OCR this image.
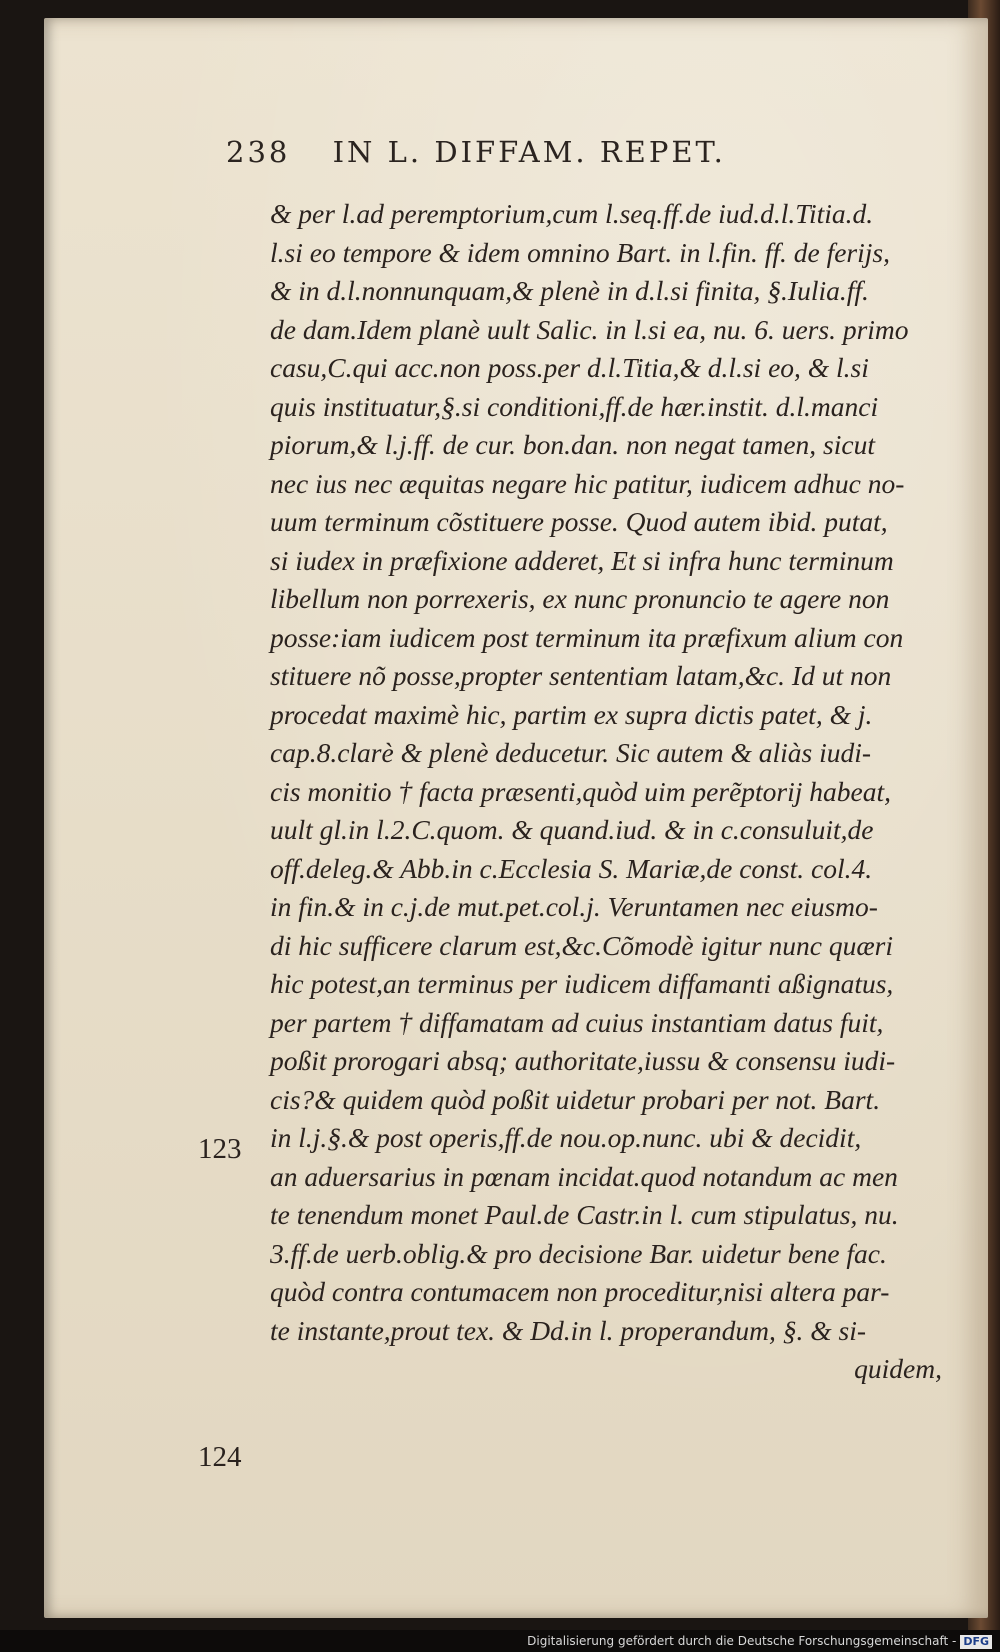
238 IN L. DIFFAM. REPET.
123
124
& per l.ad peremptorium,cum l.seq.ff.de iud.d.l.Titia.d.
l.si eo tempore & idem omnino Bart. in l.fin. ff. de ferijs,
& in d.l.nonnunquam,& plenè in d.l.si finita, §.Iulia.ff.
de dam.Idem planè uult Salic. in l.si ea, nu. 6. uers. primo
casu,C.qui acc.non poss.per d.l.Titia,& d.l.si eo, & l.si
quis instituatur,§.si conditioni,ff.de hær.instit. d.l.manci
piorum,& l.j.ff. de cur. bon.dan. non negat tamen, sicut
nec ius nec æquitas negare hic patitur, iudicem adhuc no-
uum terminum cõstituere posse. Quod autem ibid. putat,
si iudex in præfixione adderet, Et si infra hunc terminum
libellum non porrexeris, ex nunc pronuncio te agere non
posse:iam iudicem post terminum ita præfixum alium con
stituere nõ posse,propter sententiam latam,&c. Id ut non
procedat maximè hic, partim ex supra dictis patet, & j.
cap.8.clarè & plenè deducetur. Sic autem & aliàs iudi-
cis monitio † facta præsenti,quòd uim perẽptorij habeat,
uult gl.in l.2.C.quom. & quand.iud. & in c.consuluit,de
off.deleg.& Abb.in c.Ecclesia S. Mariæ,de const. col.4.
in fin.& in c.j.de mut.pet.col.j. Veruntamen nec eiusmo-
di hic sufficere clarum est,&c.Cõmodè igitur nunc quæri
hic potest,an terminus per iudicem diffamanti aßignatus,
per partem † diffamatam ad cuius instantiam datus fuit,
poßit prorogari absq; authoritate,iussu & consensu iudi-
cis?& quidem quòd poßit uidetur probari per not. Bart.
in l.j.§.& post operis,ff.de nou.op.nunc. ubi & decidit,
an aduersarius in pœnam incidat.quod notandum ac men
te tenendum monet Paul.de Castr.in l. cum stipulatus, nu.
3.ff.de uerb.oblig.& pro decisione Bar. uidetur bene fac.
quòd contra contumacem non proceditur,nisi altera par-
te instante,prout tex. & Dd.in l. properandum, §. & si-
quidem,
Digitalisierung gefördert durch die Deutsche Forschungsgemeinschaft - DFG
